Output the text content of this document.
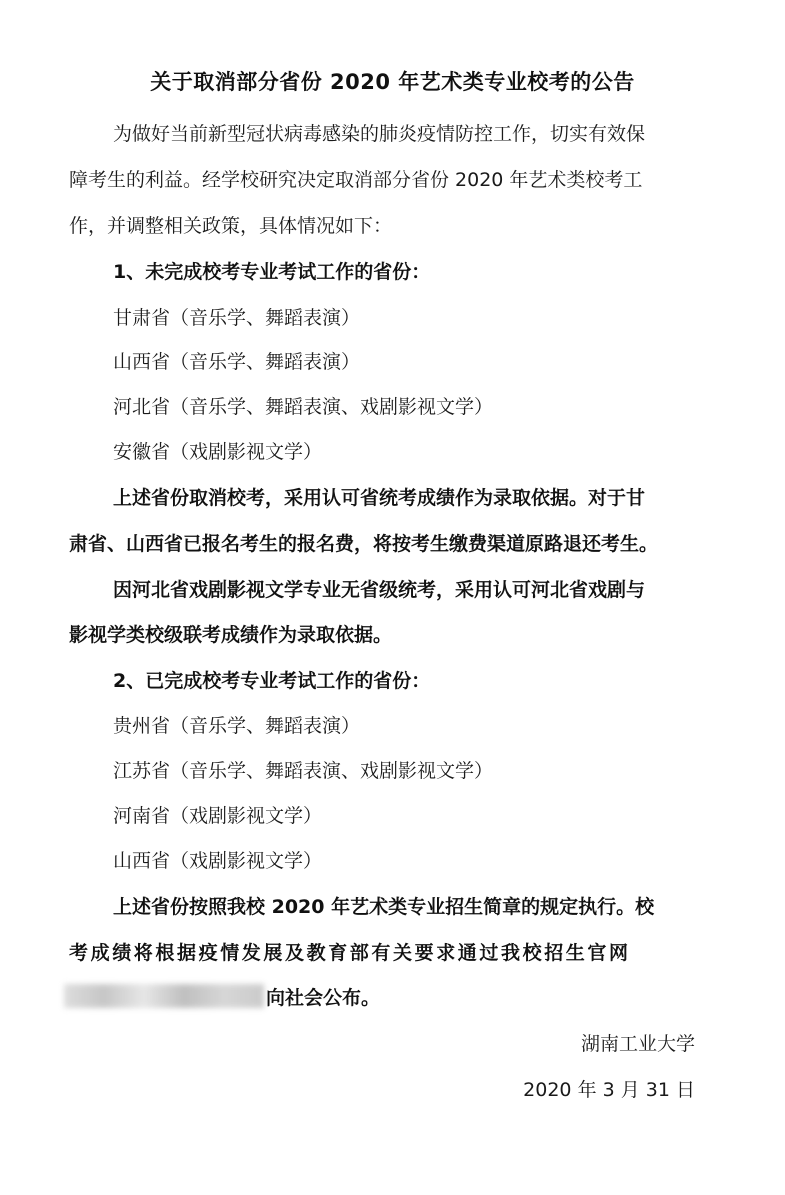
关于取消部分省份 2020 年艺术类专业校考的公告
为做好当前新型冠状病毒感染的肺炎疫情防控工作，切实有效保
障考生的利益。经学校研究决定取消部分省份 2020 年艺术类校考工
作，并调整相关政策，具体情况如下：
1、未完成校考专业考试工作的省份：
甘肃省（音乐学、舞蹈表演）
山西省（音乐学、舞蹈表演）
河北省（音乐学、舞蹈表演、戏剧影视文学）
安徽省（戏剧影视文学）
上述省份取消校考，采用认可省统考成绩作为录取依据。对于甘
肃省、山西省已报名考生的报名费，将按考生缴费渠道原路退还考生。
因河北省戏剧影视文学专业无省级统考，采用认可河北省戏剧与
影视学类校级联考成绩作为录取依据。
2、已完成校考专业考试工作的省份：
贵州省（音乐学、舞蹈表演）
江苏省（音乐学、舞蹈表演、戏剧影视文学）
河南省（戏剧影视文学）
山西省（戏剧影视文学）
上述省份按照我校 2020 年艺术类专业招生简章的规定执行。校
考成绩将根据疫情发展及教育部有关要求通过我校招生官网
向社会公布。
湖南工业大学
2020 年 3 月 31 日
